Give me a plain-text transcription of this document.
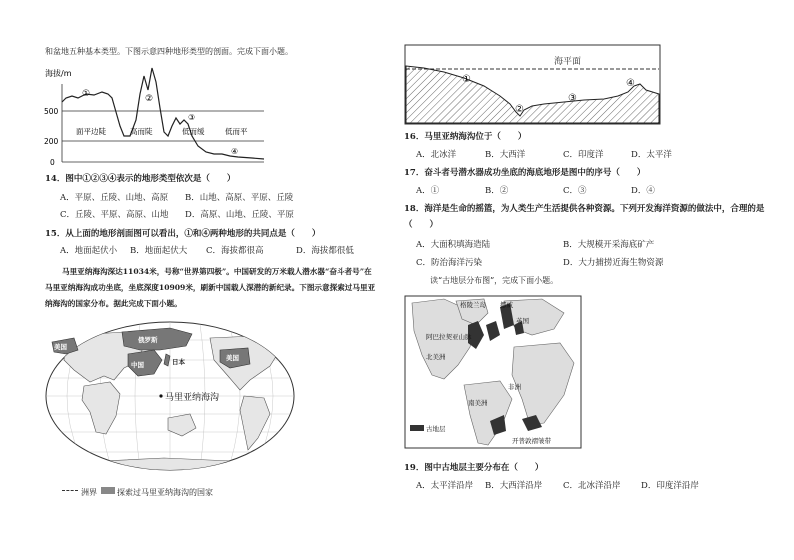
和盆地五种基本类型。下图示意四种地形类型的剖面。完成下面小题。
海拔/m
500
200
0
①	②
③
④
面平边陡	高而陡	低而缓	低而平
14．图中①②③④表示的地形类型依次是（　　）
A．平原、丘陵、山地、高原 B．山地、高原、平原、丘陵
C．丘陵、平原、高原、山地 D．高原、山地、丘陵、平原
15．从上面的地形剖面图可以看出，①和④两种地形的共同点是（　　）
A．地面起伏小 B．地面起伏大 C．海拔都很高	D．海拔都很低
马里亚纳海沟深达11034米，号称“世界第四极”。中国研发的万米载人潜水器“奋斗者号”在
马里亚纳海沟成功坐底，坐底深度10909米，刷新中国载人深潜的新纪录。下图示意探索过马里亚
纳海沟的国家分布。据此完成下面小题。
美国
俄罗斯
中国	日本	美国
马里亚纳海沟
洲界	探索过马里亚纳海沟的国家
海平面
①
②
③
④
16．马里亚纳海沟位于（　　）
A．北冰洋	B．大西洋	C．印度洋	D．太平洋
17．奋斗者号潜水器成功坐底的海底地形是图中的序号（　　）
A．①	B．②	C．③	D．④
18．海洋是生命的摇篮，为人类生产生活提供各种资源。下列开发海洋资源的做法中，合理的是
（　　）
A．大面积填海造陆	B．大规模开采海底矿产
C．防治海洋污染	D．大力捕捞近海生物资源
读“古地层分布图”，完成下面小题。
格陵兰岛 挪威
英国
阿巴拉契亚山脉
北美洲
非洲
南美洲
开普敦褶皱带
古地层
19．图中古地层主要分布在（　　）
A．太平洋沿岸 B．大西洋沿岸 C．北冰洋沿岸 D．印度洋沿岸
